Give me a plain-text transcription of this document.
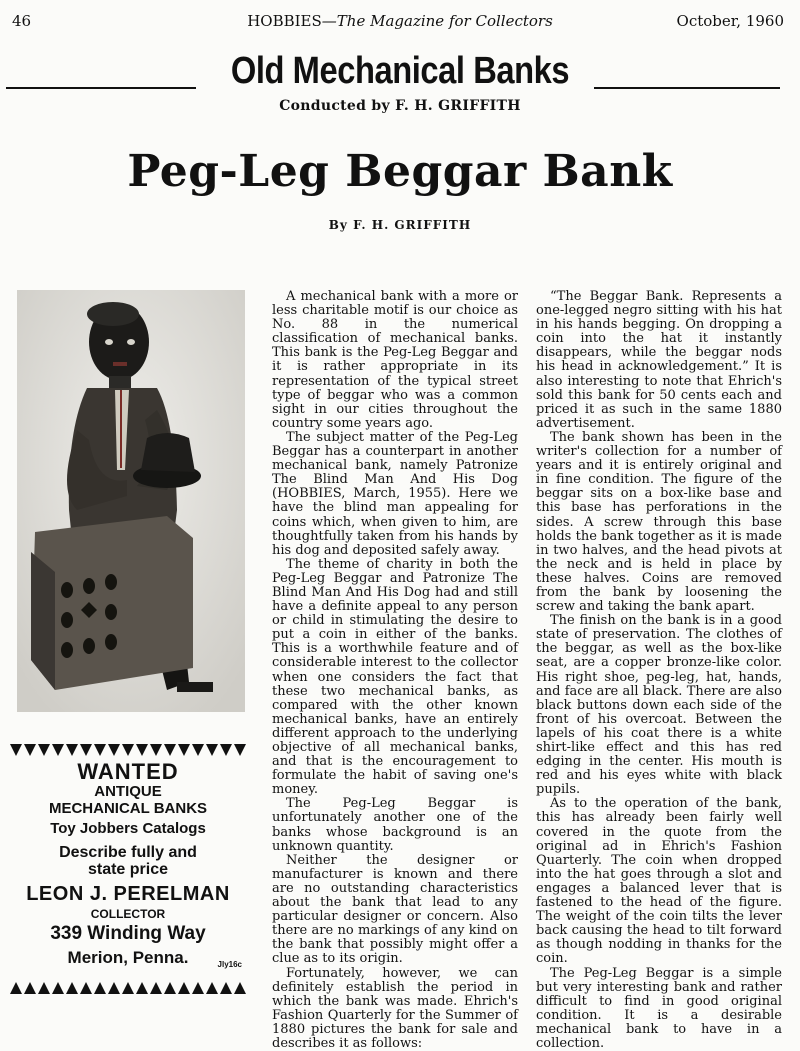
46	HOBBIES—The Magazine for Collectors	October, 1960
Old Mechanical Banks
Conducted by F. H. GRIFFITH
Peg-Leg Beggar Bank
By F. H. GRIFFITH

A mechanical bank with a more or less charitable motif is our choice as No. 88 in the numerical classification of mechanical banks. This bank is the Peg-Leg Beggar and it is rather appropriate in its representation of the typical street type of beggar who was a common sight in our cities throughout the country some years ago.

The subject matter of the Peg-Leg Beggar has a counterpart in another mechanical bank, namely Patronize The Blind Man And His Dog (HOBBIES, March, 1955). Here we have the blind man appealing for coins which, when given to him, are thoughtfully taken from his hands by his dog and deposited safely away.

The theme of charity in both the Peg-Leg Beggar and Patronize The Blind Man And His Dog had and still have a definite appeal to any person or child in stimulating the desire to put a coin in either of the banks. This is a worthwhile feature and of considerable interest to the collector when one considers the fact that these two mechanical banks, as compared with the other known mechanical banks, have an entirely different approach to the underlying objective of all mechanical banks, and that is the encouragement to formulate the habit of saving one's money.

The Peg-Leg Beggar is unfortunately another one of the banks whose background is an unknown quantity.

Neither the designer or manufacturer is known and there are no outstanding characteristics about the bank that lead to any particular designer or concern. Also there are no markings of any kind on the bank that possibly might offer a clue as to its origin.

Fortunately, however, we can definitely establish the period in which the bank was made. Ehrich's Fashion Quarterly for the Summer of 1880 pictures the bank for sale and describes it as follows:

“The Beggar Bank. Represents a one-legged negro sitting with his hat in his hands begging. On dropping a coin into the hat it instantly disappears, while the beggar nods his head in acknowledgement.” It is also interesting to note that Ehrich's sold this bank for 50 cents each and priced it as such in the same 1880 advertisement.

The bank shown has been in the writer's collection for a number of years and it is entirely original and in fine condition. The figure of the beggar sits on a box-like base and this base has perforations in the sides. A screw through this base holds the bank together as it is made in two halves, and the head pivots at the neck and is held in place by these halves. Coins are removed from the bank by loosening the screw and taking the bank apart.

The finish on the bank is in a good state of preservation. The clothes of the beggar, as well as the box-like seat, are a copper bronze-like color. His right shoe, peg-leg, hat, hands, and face are all black. There are also black buttons down each side of the front of his overcoat. Between the lapels of his coat there is a white shirt-like effect and this has red edging in the center. His mouth is red and his eyes white with black pupils.

As to the operation of the bank, this has already been fairly well covered in the quote from the original ad in Ehrich's Fashion Quarterly. The coin when dropped into the hat goes through a slot and engages a balanced lever that is fastened to the head of the figure. The weight of the coin tilts the lever back causing the head to tilt forward as though nodding in thanks for the coin.

The Peg-Leg Beggar is a simple but very interesting bank and rather difficult to find in good original condition. It is a desirable mechanical bank to have in a collection.

WANTED
ANTIQUE
MECHANICAL BANKS
Toy Jobbers Catalogs
Describe fully and
state price
LEON J. PERELMAN
COLLECTOR
339 Winding Way
Merion, Penna.	Jly16c
